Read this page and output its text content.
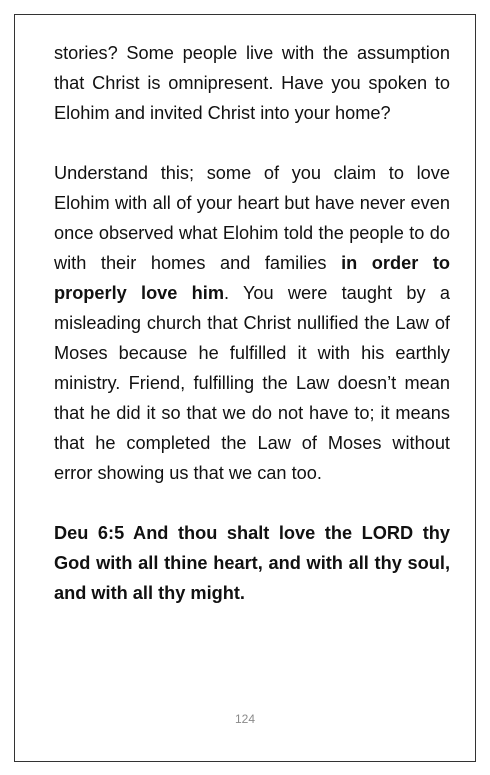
stories? Some people live with the assumption that Christ is omnipresent. Have you spoken to Elohim and invited Christ into your home?

Understand this; some of you claim to love Elohim with all of your heart but have never even once observed what Elohim told the people to do with their homes and families in order to properly love him. You were taught by a misleading church that Christ nullified the Law of Moses because he fulfilled it with his earthly ministry. Friend, fulfilling the Law doesn’t mean that he did it so that we do not have to; it means that he completed the Law of Moses without error showing us that we can too.

Deu 6:5 And thou shalt love the LORD thy God with all thine heart, and with all thy soul, and with all thy might.

124
